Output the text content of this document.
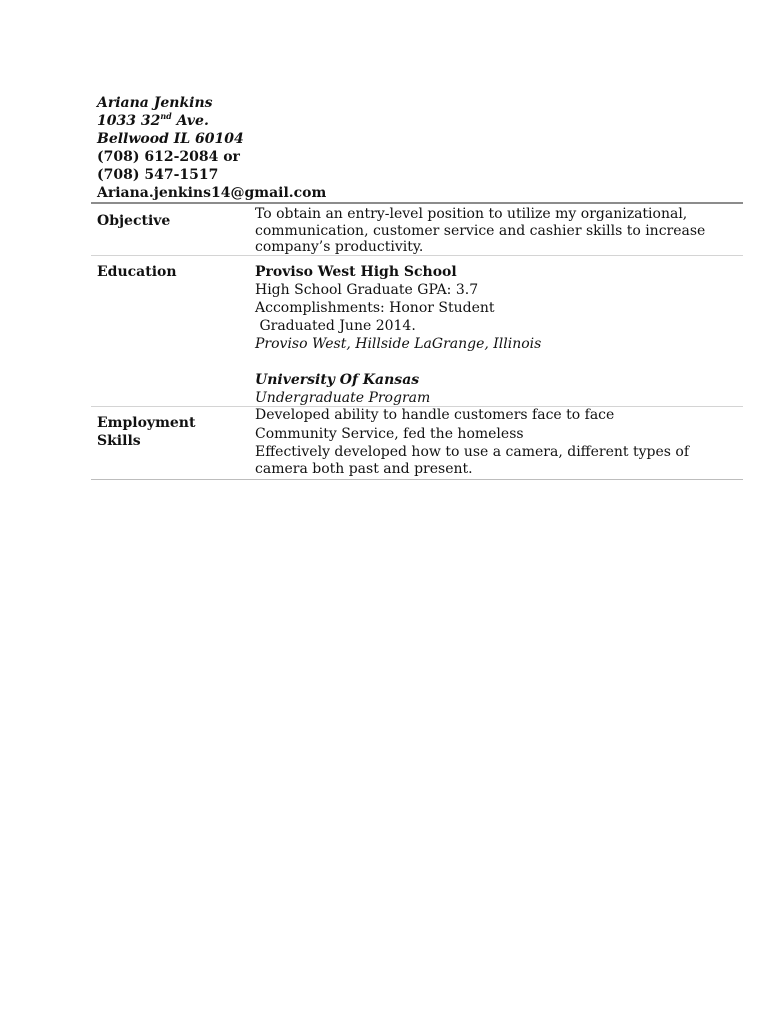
Ariana Jenkins
1033 32nd Ave.
Bellwood IL 60104
(708) 612-2084 or
(708) 547-1517
Ariana.jenkins14@gmail.com
Objective	To obtain an entry-level position to utilize my organizational,
communication, customer service and cashier skills to increase
company’s productivity.
Education	Proviso West High School
High School Graduate GPA: 3.7
Accomplishments: Honor Student
Graduated June 2014.
Proviso West, Hillside LaGrange, Illinois

University Of Kansas
Undergraduate Program
Employment
Skills
Developed ability to handle customers face to face
Community Service, fed the homeless
Effectively developed how to use a camera, different types of
camera both past and present.
